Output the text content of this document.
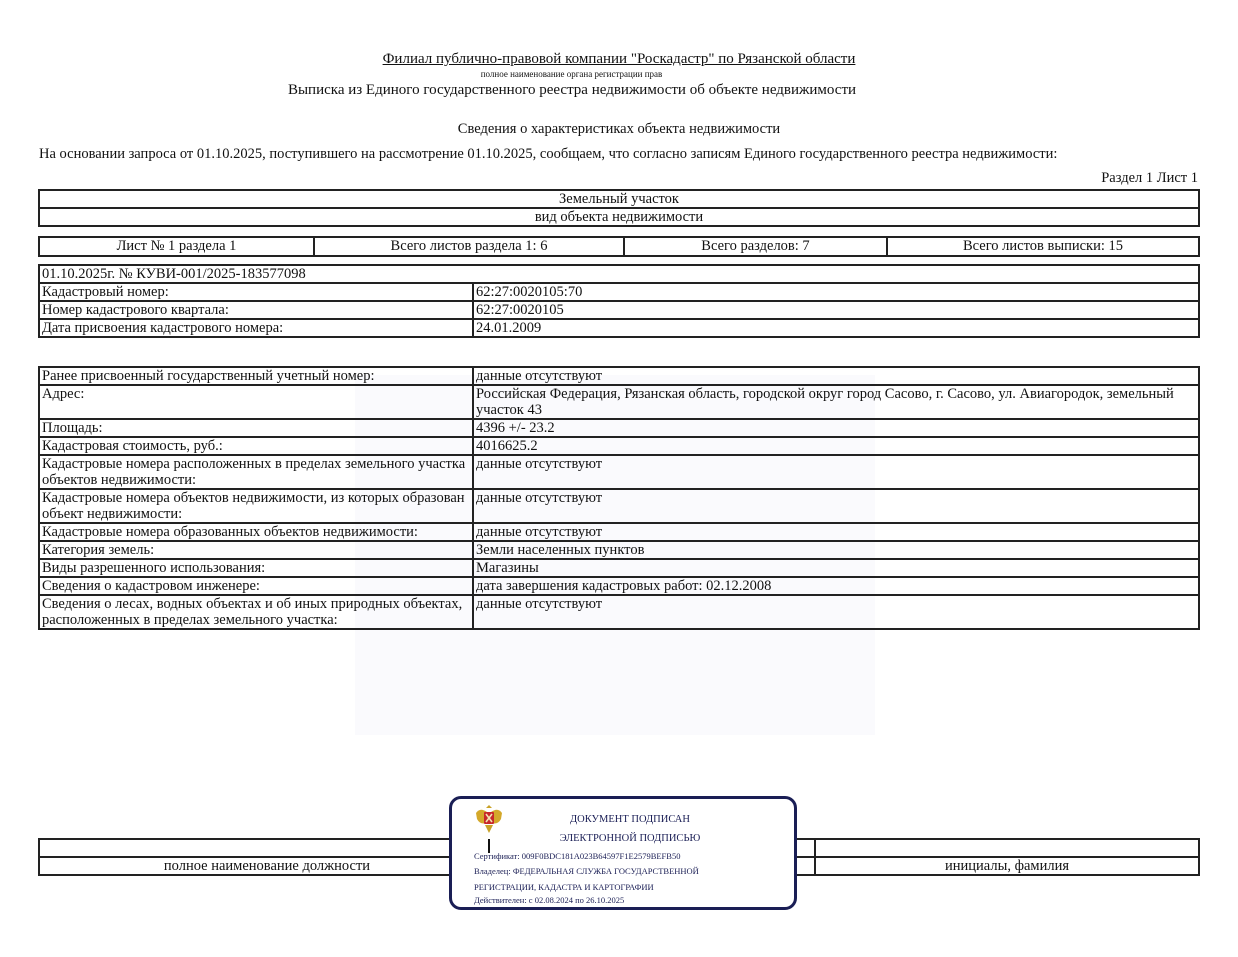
Филиал публично-правовой компании "Роскадастр" по Рязанской области
полное наименование органа регистрации прав
Выписка из Единого государственного реестра недвижимости об объекте недвижимости
Сведения о характеристиках объекта недвижимости
На основании запроса от 01.10.2025, поступившего на рассмотрение 01.10.2025, сообщаем, что согласно записям Единого государственного реестра недвижимости:
Раздел 1 Лист 1
Земельный участок
вид объекта недвижимости
Лист № 1 раздела 1	Всего листов раздела 1: 6	Всего разделов: 7	Всего листов выписки: 15
01.10.2025г. № КУВИ-001/2025-183577098	
Кадастровый номер:	62:27:0020105:70
Номер кадастрового квартала:	62:27:0020105
Дата присвоения кадастрового номера:	24.01.2009
Ранее присвоенный государственный учетный номер:	данные отсутствуют
Адрес:	Российская Федерация, Рязанская область, городской округ город Сасово, г. Сасово, ул. Авиагородок, земельный участок 43
Площадь:	4396 +/- 23.2
Кадастровая стоимость, руб.:	4016625.2
Кадастровые номера расположенных в пределах земельного участка объектов недвижимости:	данные отсутствуют
Кадастровые номера объектов недвижимости, из которых образован объект недвижимости:	данные отсутствуют
Кадастровые номера образованных объектов недвижимости:	данные отсутствуют
Категория земель:	Земли населенных пунктов
Виды разрешенного использования:	Магазины
Сведения о кадастровом инженере:	дата завершения кадастровых работ: 02.12.2008
Сведения о лесах, водных объектах и об иных природных объектах, расположенных в пределах земельного участка:	данные отсутствуют

полное наименование должности		инициалы, фамилия
ДОКУМЕНТ ПОДПИСАН
ЭЛЕКТРОННОЙ ПОДПИСЬЮ
Сертификат: 009F0BDC181A023B64597F1E2579BEFB50
Владелец: ФЕДЕРАЛЬНАЯ СЛУЖБА ГОСУДАРСТВЕННОЙ
РЕГИСТРАЦИИ, КАДАСТРА И КАРТОГРАФИИ
Действителен: с 02.08.2024 по 26.10.2025
